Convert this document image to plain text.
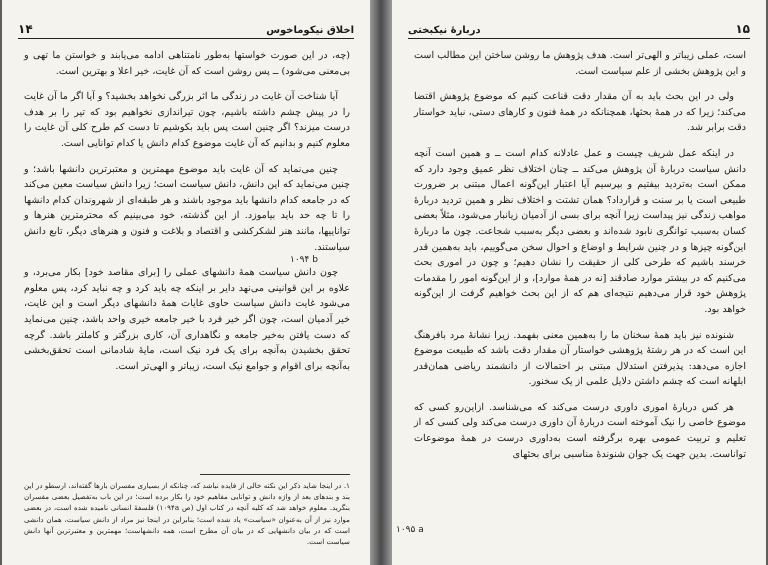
۱۴	اخلاق نیکوماخوس

(چه، در این صورت خواستها به‌طور نامتناهی ادامه می‌یابند و خواستن ما تهی و بی‌معنی می‌شود) ــ پس روشن است که آن غایت، خیر اعلا و بهترین است.

آیا شناخت آن غایت در زندگی ما اثر بزرگی نخواهد بخشید؟ و آیا اگر ما آن غایت را در پیش چشم داشته باشیم، چون تیراندازی نخواهیم بود که تیر را بر هدف درست میزند؟ اگر چنین است پس باید بکوشیم تا دست کم طرح کلی آن غایت را معلوم کنیم و بدانیم که آن غایت موضوع کدام دانش یا کدام توانایی است.

چنین می‌نماید که آن غایت باید موضوع مهمترین و معتبرترین دانشها باشد؛ و چنین می‌نماید که این دانش، دانش سیاست است؛ زیرا دانش سیاست معین می‌کند که در جامعه کدام دانشها باید موجود باشند و هر طبقه‌ای از شهروندان کدام دانشها را تا چه حد باید بیاموزد. از این گذشته، خود می‌بینیم که محترمترین هنرها و تواناییها، مانند هنر لشکرکشی و اقتصاد و بلاغت و فنون و هنرهای دیگر، تابع دانش سیاستند.

چون دانش سیاست همۀ دانشهای عملی را [برای مقاصد خود] بکار می‌برد، و علاوه بر این قوانینی می‌نهد دایر بر اینکه چه باید کرد و چه نباید کرد، پس معلوم می‌شود غایت دانش سیاست حاوی غایات همۀ دانشهای دیگر است و این غایت، خیر آدمیان است، چون اگر خیر فرد با خیر جامعه خیری واحد باشد، چنین می‌نماید که دست یافتن به‌خیر جامعه و نگاهداری آن، کاری بزرگتر و کاملتر باشد. گرچه تحقق بخشیدن به‌آنچه برای یک فرد نیک است، مایۀ شادمانی است تحقق‌بخشی به‌آنچه برای اقوام و جوامع نیک است، زیباتر و الهی‌تر است.

۱. در اینجا شاید ذکر این نکته خالی از فایده نباشد که، چنانکه از بسیاری مفسران بارها گفته‌اند، ارسطو در این بند و بندهای بعد از واژه دانش و توانایی مفاهیم خود را بکار برده است؛ در این باب به‌تفصیل بعضی مفسران بنگرید. معلوم خواهد شد که کلیه آنچه در کتاب اول (ص ۱۰۹۴a) فلسفۀ انسانی نامیده شده است، در بعضی موارد نیز از آن به‌عنوان «سیاست» یاد شده است؛ بنابراین در اینجا نیز مراد از دانش سیاست، همان دانشی است که در بیان دانشهایی که در بیان آن مطرح است، همه دانشهاست؛ مهمترین و معتبرترین آنها دانش سیاست است.
دربارۀ نیکبختی	۱۵

است، عملی زیباتر و الهی‌تر است. هدف پژوهش ما روشن ساختن این مطالب است و این پژوهش بخشی از علم سیاست است.

ولی در این بحث باید به آن مقدار دقت قناعت کنیم که موضوع پژوهش اقتضا می‌کند؛ زیرا که در همۀ بحثها، همچنانکه در همۀ فنون و کارهای دستی، نباید خواستار دقت برابر شد.

در اینکه عمل شریف چیست و عمل عادلانه کدام است ــ و همین است آنچه دانش سیاست دربارۀ آن پژوهش می‌کند ــ چنان اختلاف نظر عمیق وجود دارد که ممکن است به‌تردید بیفتیم و بپرسیم آیا اعتبار این‌گونه اعمال مبتنی بر ضرورت طبیعی است یا بر سنت و قرارداد؟ همان تشتت و اختلاف نظر و همین تردید دربارۀ مواهب زندگی نیز پیداست زیرا آنچه برای بسی از آدمیان زیانبار می‌شود، مثلاً بعضی کسان به‌سبب توانگری نابود شده‌اند و بعضی دیگر به‌سبب شجاعت. چون ما دربارۀ این‌گونه چیزها و در چنین شرایط و اوضاع و احوال سخن می‌گوییم، باید به‌همین قدر خرسند باشیم که طرحی کلی از حقیقت را نشان دهیم؛ و چون در اموری بحث می‌کنیم که در بیشتر موارد صادقند [نه در همۀ موارد]، و از این‌گونه امور را مقدمات پژوهش خود قرار می‌دهیم نتیجه‌ای هم که از این بحث خواهیم گرفت از این‌گونه خواهد بود.

شنونده نیز باید همۀ سخنان ما را به‌همین معنی بفهمد. زیرا نشانۀ مرد بافرهنگ این است که در هر رشتۀ پژوهشی خواستار آن مقدار دقت باشد که طبیعت موضوع اجازه می‌دهد: پذیرفتن استدلال مبتنی بر احتمالات از دانشمند ریاضی همان‌قدر ابلهانه است که چشم داشتن دلایل علمی از یک سخنور.

هر کس دربارۀ اموری داوری درست می‌کند که می‌شناسد. ازاین‌رو کسی که موضوع خاصی را نیک آموخته است دربارۀ آن داوری درست می‌کند ولی کسی که از تعلیم و تربیت عمومی بهره برگرفته است به‌داوری درست در همۀ موضوعات تواناست. بدین جهت یک جوان شنوندۀ مناسبی برای بحثهای

۱۰۹۴ b
۱۰۹۵ a
